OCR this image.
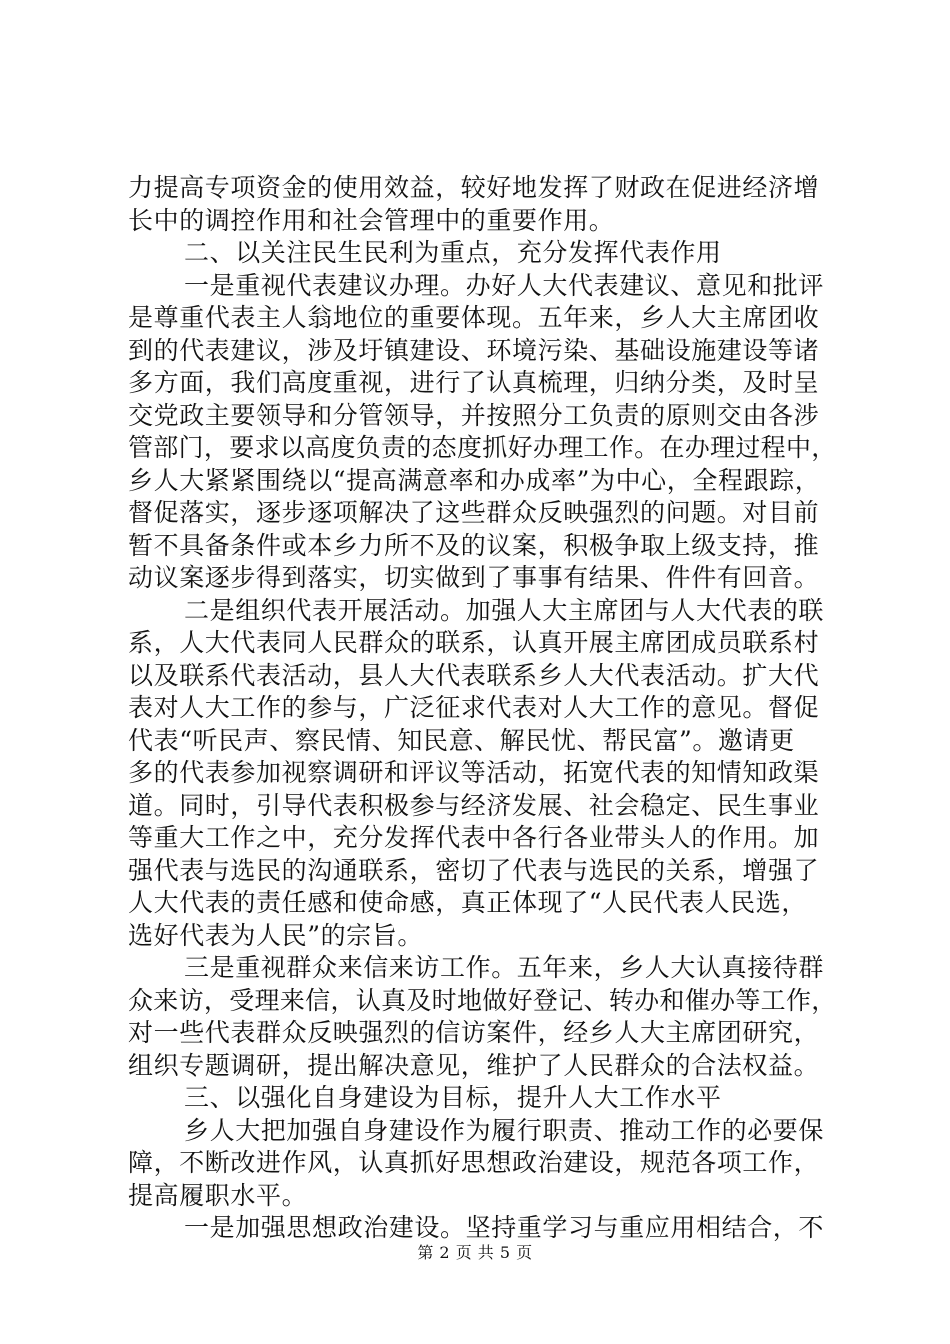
力提高专项资金的使用效益，较好地发挥了财政在促进经济增
长中的调控作用和社会管理中的重要作用。
二、以关注民生民利为重点，充分发挥代表作用
一是重视代表建议办理。办好人大代表建议、意见和批评
是尊重代表主人翁地位的重要体现。五年来，乡人大主席团收
到的代表建议，涉及圩镇建设、环境污染、基础设施建设等诸
多方面，我们高度重视，进行了认真梳理，归纳分类，及时呈
交党政主要领导和分管领导，并按照分工负责的原则交由各涉
管部门，要求以高度负责的态度抓好办理工作。在办理过程中，
乡人大紧紧围绕以“提高满意率和办成率”为中心，全程跟踪，
督促落实，逐步逐项解决了这些群众反映强烈的问题。对目前
暂不具备条件或本乡力所不及的议案，积极争取上级支持，推
动议案逐步得到落实，切实做到了事事有结果、件件有回音。
二是组织代表开展活动。加强人大主席团与人大代表的联
系，人大代表同人民群众的联系，认真开展主席团成员联系村
以及联系代表活动，县人大代表联系乡人大代表活动。扩大代
表对人大工作的参与，广泛征求代表对人大工作的意见。督促
代表“听民声、察民情、知民意、解民忧、帮民富”。邀请更
多的代表参加视察调研和评议等活动，拓宽代表的知情知政渠
道。同时，引导代表积极参与经济发展、社会稳定、民生事业
等重大工作之中，充分发挥代表中各行各业带头人的作用。加
强代表与选民的沟通联系，密切了代表与选民的关系，增强了
人大代表的责任感和使命感，真正体现了“人民代表人民选，
选好代表为人民”的宗旨。
三是重视群众来信来访工作。五年来，乡人大认真接待群
众来访，受理来信，认真及时地做好登记、转办和催办等工作，
对一些代表群众反映强烈的信访案件，经乡人大主席团研究，
组织专题调研，提出解决意见，维护了人民群众的合法权益。
三、以强化自身建设为目标，提升人大工作水平
乡人大把加强自身建设作为履行职责、推动工作的必要保
障，不断改进作风，认真抓好思想政治建设，规范各项工作，
提高履职水平。
一是加强思想政治建设。坚持重学习与重应用相结合，不
第 2 页 共 5 页
